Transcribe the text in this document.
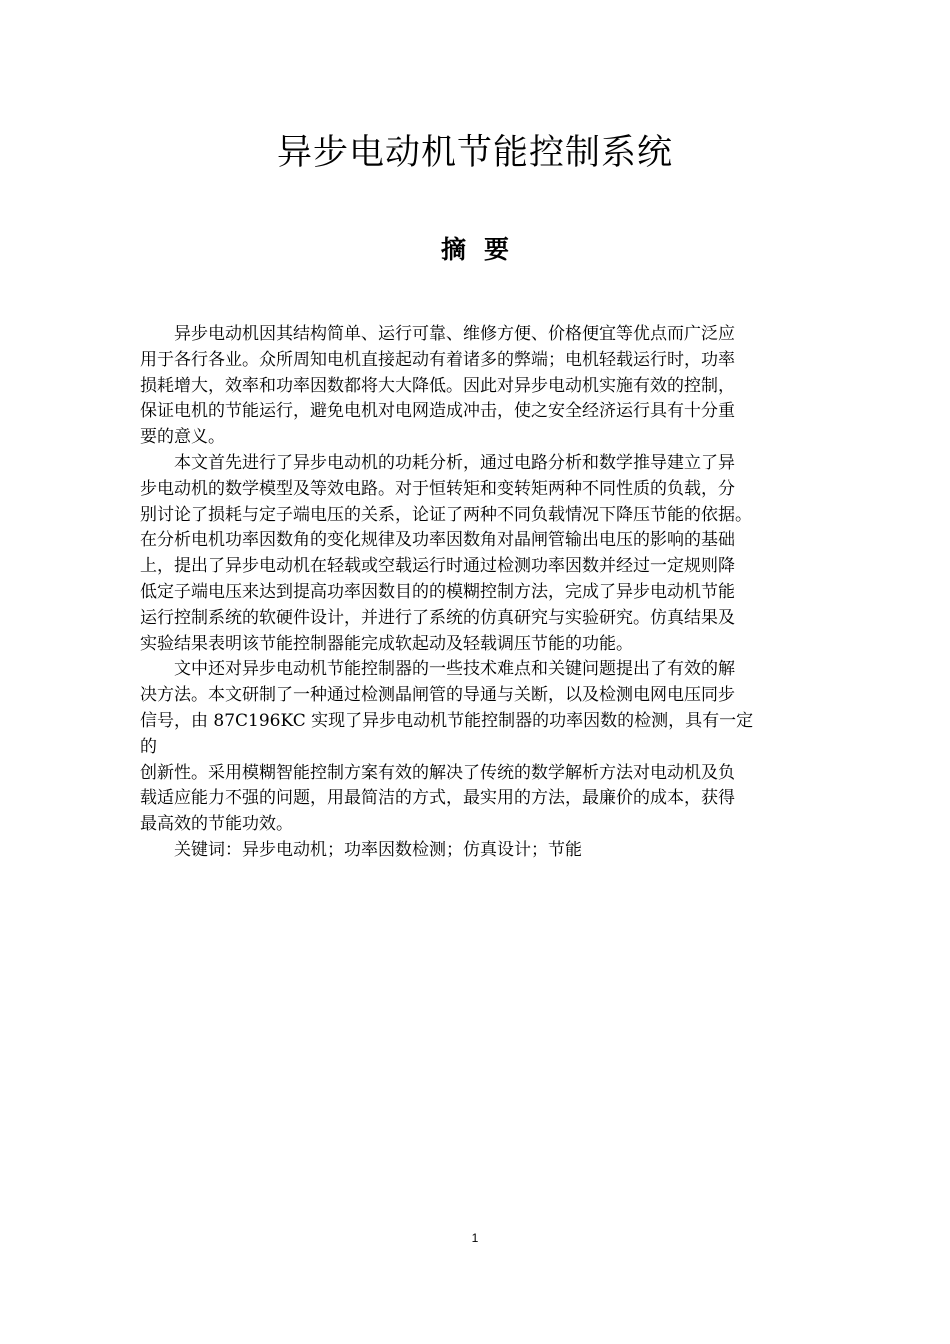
异步电动机节能控制系统
摘要
异步电动机因其结构简单、运行可靠、维修方便、价格便宜等优点而广泛应
用于各行各业。众所周知电机直接起动有着诸多的弊端；电机轻载运行时，功率
损耗增大，效率和功率因数都将大大降低。因此对异步电动机实施有效的控制，
保证电机的节能运行，避免电机对电网造成冲击，使之安全经济运行具有十分重
要的意义。
本文首先进行了异步电动机的功耗分析，通过电路分析和数学推导建立了异
步电动机的数学模型及等效电路。对于恒转矩和变转矩两种不同性质的负载，分
别讨论了损耗与定子端电压的关系，论证了两种不同负载情况下降压节能的依据。
在分析电机功率因数角的变化规律及功率因数角对晶闸管输出电压的影响的基础
上，提出了异步电动机在轻载或空载运行时通过检测功率因数并经过一定规则降
低定子端电压来达到提高功率因数目的的模糊控制方法，完成了异步电动机节能
运行控制系统的软硬件设计，并进行了系统的仿真研究与实验研究。仿真结果及
实验结果表明该节能控制器能完成软起动及轻载调压节能的功能。
文中还对异步电动机节能控制器的一些技术难点和关键问题提出了有效的解
决方法。本文研制了一种通过检测晶闸管的导通与关断，以及检测电网电压同步
信号，由 87C196KC 实现了异步电动机节能控制器的功率因数的检测，具有一定
的
创新性。采用模糊智能控制方案有效的解决了传统的数学解析方法对电动机及负
载适应能力不强的问题，用最简洁的方式，最实用的方法，最廉价的成本，获得
最高效的节能功效。
关键词：异步电动机；功率因数检测；仿真设计；节能
1
